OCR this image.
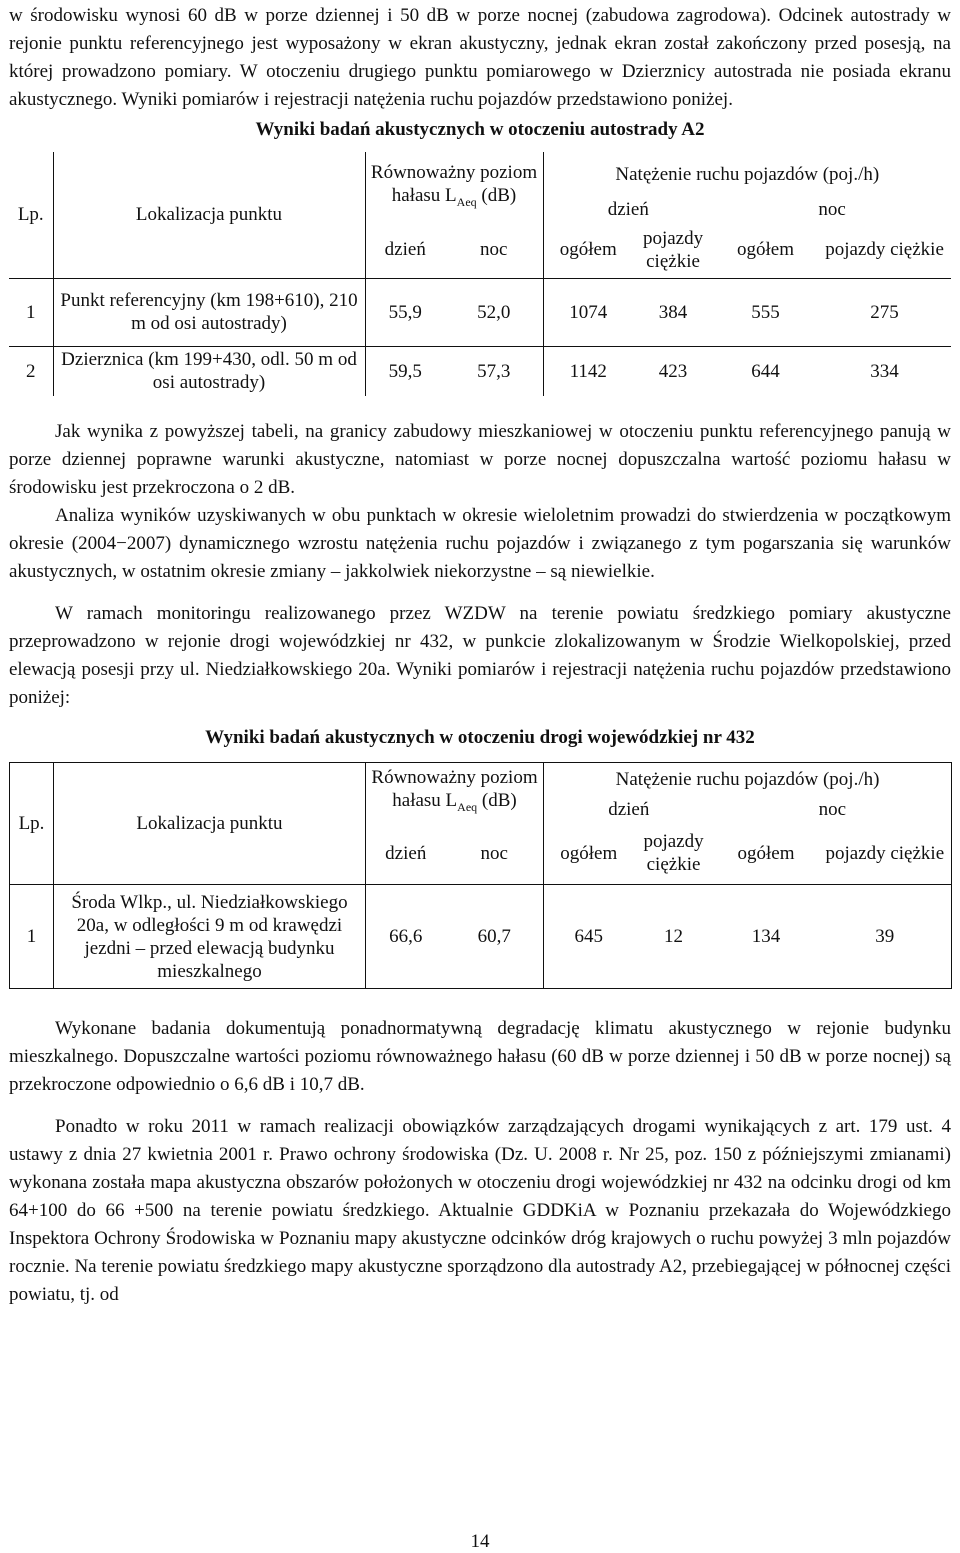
w środowisku wynosi 60 dB w porze dziennej i 50 dB w porze nocnej (zabudowa zagrodowa). Odcinek autostrady w rejonie punktu referencyjnego jest wyposażony w ekran akustyczny, jednak ekran został zakończony przed posesją, na której prowadzono pomiary. W otoczeniu drugiego punktu pomiarowego w Dzierznicy autostrada nie posiada ekranu akustycznego. Wyniki pomiarów i rejestracji natężenia ruchu pojazdów przedstawiono poniżej.

Wyniki badań akustycznych w otoczeniu autostrady A2
Lp.	Lokalizacja punktu	Równoważny poziom hałasu $L_{Aeq}$ (dB)		Natężenie ruchu pojazdów (poj./h)			
				dzień		noc	
		dzień	noc	ogółem	pojazdy ciężkie	ogółem	pojazdy ciężkie
1	Punkt referencyjny (km 198+610), 210 m od osi autostrady)	55,9	52,0	1074	384	555	275
2	Dzierznica (km 199+430, odl. 50 m od osi autostrady)	59,5	57,3	1142	423	644	334

Jak wynika z powyższej tabeli, na granicy zabudowy mieszkaniowej w otoczeniu punktu referencyjnego panują w porze dziennej poprawne warunki akustyczne, natomiast w porze nocnej dopuszczalna wartość poziomu hałasu w środowisku jest przekroczona o 2 dB.

Analiza wyników uzyskiwanych w obu punktach w okresie wieloletnim prowadzi do stwierdzenia w początkowym okresie (2004−2007) dynamicznego wzrostu natężenia ruchu pojazdów i związanego z tym pogarszania się warunków akustycznych, w ostatnim okresie zmiany – jakkolwiek niekorzystne – są niewielkie.

W ramach monitoringu realizowanego przez WZDW na terenie powiatu średzkiego pomiary akustyczne przeprowadzono w rejonie drogi wojewódzkiej nr 432, w punkcie zlokalizowanym w Środzie Wielkopolskiej, przed elewacją posesji przy ul. Niedziałkowskiego 20a. Wyniki pomiarów i rejestracji natężenia ruchu pojazdów przedstawiono poniżej:

Wyniki badań akustycznych w otoczeniu drogi wojewódzkiej nr 432
Lp.	Lokalizacja punktu	Równoważny poziom hałasu $L_{Aeq}$ (dB)		Natężenie ruchu pojazdów (poj./h)			
				dzień		noc	
		dzień	noc	ogółem	pojazdy ciężkie	ogółem	pojazdy ciężkie
1	Środa Wlkp., ul. Niedziałkowskiego 20a, w odległości 9 m od krawędzi jezdni – przed elewacją budynku mieszkalnego	66,6	60,7	645	12	134	39

Wykonane badania dokumentują ponadnormatywną degradację klimatu akustycznego w rejonie budynku mieszkalnego. Dopuszczalne wartości poziomu równoważnego hałasu (60 dB w porze dziennej i 50 dB w porze nocnej) są przekroczone odpowiednio o 6,6 dB i 10,7 dB.

Ponadto w roku 2011 w ramach realizacji obowiązków zarządzających drogami wynikających z art. 179 ust. 4 ustawy z dnia 27 kwietnia 2001 r. Prawo ochrony środowiska (Dz. U. 2008 r. Nr 25, poz. 150 z późniejszymi zmianami) wykonana została mapa akustyczna obszarów położonych w otoczeniu drogi wojewódzkiej nr 432 na odcinku drogi od km 64+100 do 66 +500 na terenie powiatu średzkiego. Aktualnie GDDKiA w Poznaniu przekazała do Wojewódzkiego Inspektora Ochrony Środowiska w Poznaniu mapy akustyczne odcinków dróg krajowych o ruchu powyżej 3 mln pojazdów rocznie. Na terenie powiatu średzkiego mapy akustyczne sporządzono dla autostrady A2, przebiegającej w północnej części powiatu, tj. od

14
